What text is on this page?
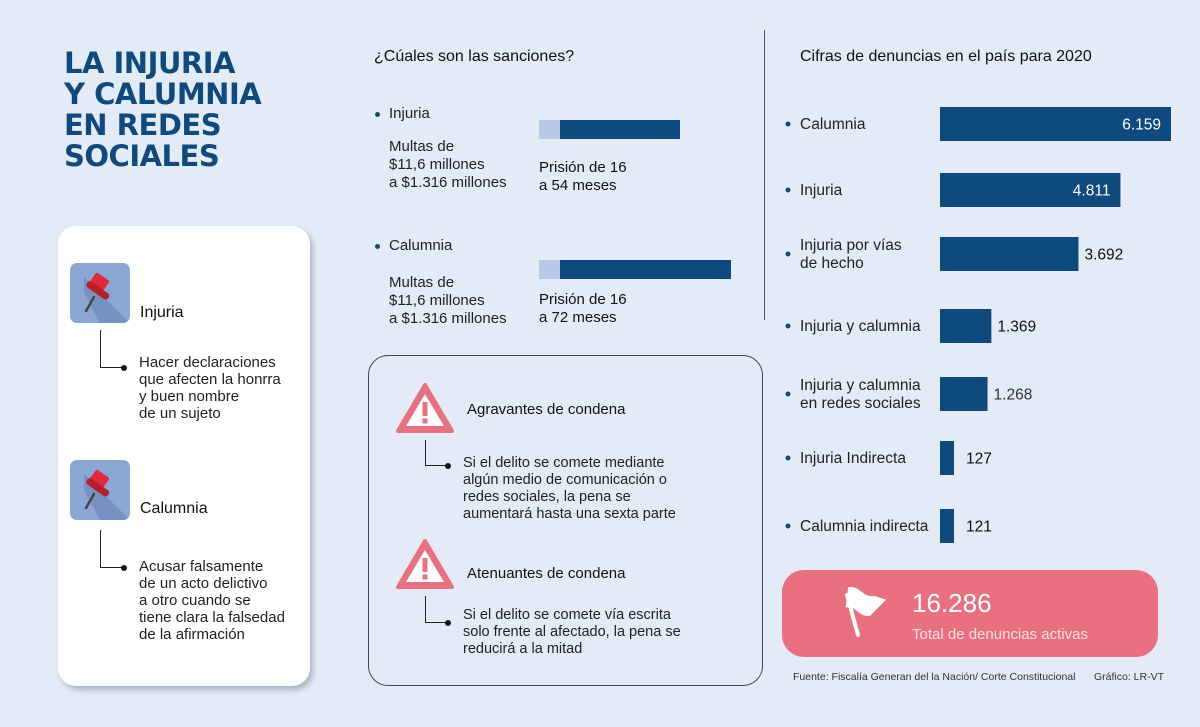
LA INJURIA
Y CALUMNIA
EN REDES
SOCIALES
Injuria
Hacer declaraciones
que afecten la honrra
y buen nombre
de un sujeto
Calumnia
Acusar falsamente
de un acto delictivo
a otro cuando se
tiene clara la falsedad
de la afirmación
¿Cúales son las sanciones?
Injuria
Multas de
$11,6 millones
a $1.316 millones
Prisión de 16
a 54 meses
Calumnia
Multas de
$11,6 millones
a $1.316 millones
Prisión de 16
a 72 meses
Agravantes de condena
Si el delito se comete mediante
algún medio de comunicación o
redes sociales, la pena se
aumentará hasta una sexta parte
Atenuantes de condena
Si el delito se comete vía escrita
solo frente al afectado, la pena se
reducirá a la mitad
Cifras de denuncias en el país para 2020
Calumnia	6.159
Injuria	4.811
Injuria por vías
de hecho	3.692
Injuria y calumnia	1.369
Injuria y calumnia
en redes sociales	1.268
Injuria Indirecta	127
Calumnia indirecta 121
16.286
Total de denuncias activas
Fuente: Fiscalía Generan del la Nación/ Corte Constitucional Gráfico: LR-VT
